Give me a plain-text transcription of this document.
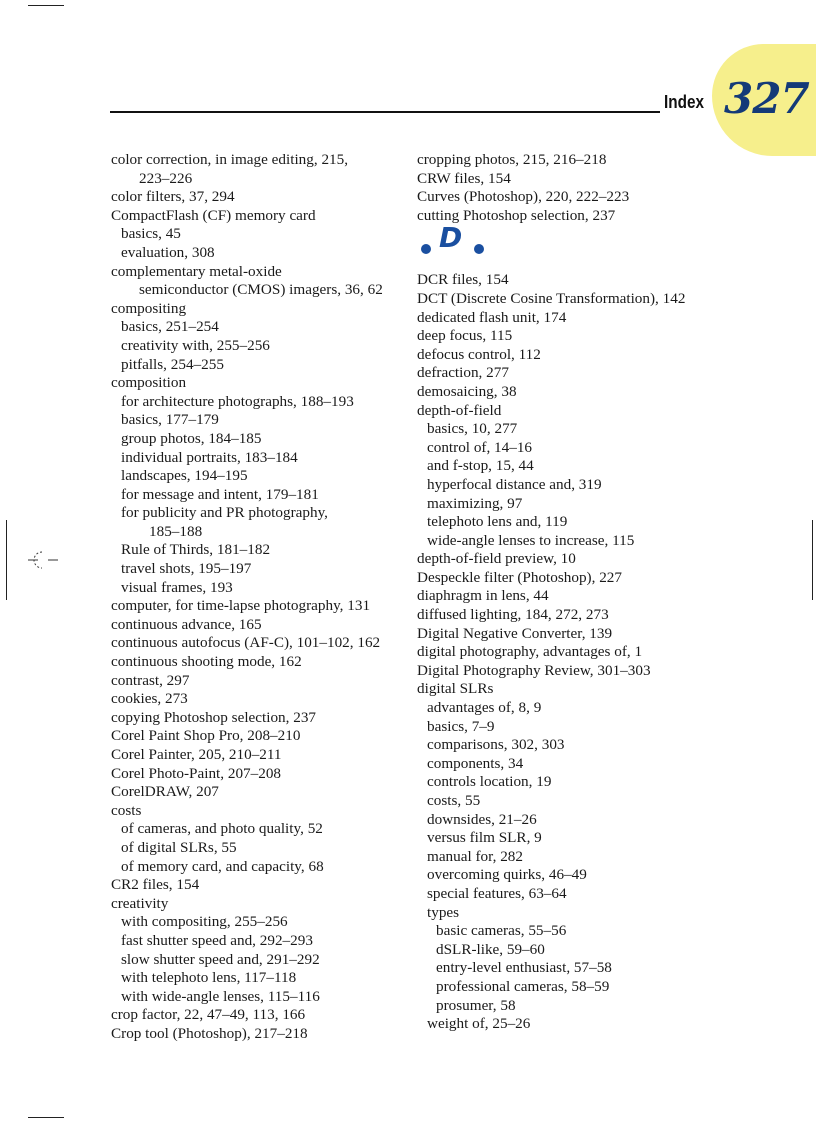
Index 327
color correction, in image editing, 215,
223–226
color filters, 37, 294
CompactFlash (CF) memory card
basics, 45
evaluation, 308
complementary metal-oxide
semiconductor (CMOS) imagers, 36, 62
compositing
basics, 251–254
creativity with, 255–256
pitfalls, 254–255
composition
for architecture photographs, 188–193
basics, 177–179
group photos, 184–185
individual portraits, 183–184
landscapes, 194–195
for message and intent, 179–181
for publicity and PR photography,
185–188
Rule of Thirds, 181–182
travel shots, 195–197
visual frames, 193
computer, for time-lapse photography, 131
continuous advance, 165
continuous autofocus (AF-C), 101–102, 162
continuous shooting mode, 162
contrast, 297
cookies, 273
copying Photoshop selection, 237
Corel Paint Shop Pro, 208–210
Corel Painter, 205, 210–211
Corel Photo-Paint, 207–208
CorelDRAW, 207
costs
of cameras, and photo quality, 52
of digital SLRs, 55
of memory card, and capacity, 68
CR2 files, 154
creativity
with compositing, 255–256
fast shutter speed and, 292–293
slow shutter speed and, 291–292
with telephoto lens, 117–118
with wide-angle lenses, 115–116
crop factor, 22, 47–49, 113, 166
Crop tool (Photoshop), 217–218
cropping photos, 215, 216–218
CRW files, 154
Curves (Photoshop), 220, 222–223
cutting Photoshop selection, 237
D
DCR files, 154
DCT (Discrete Cosine Transformation), 142
dedicated flash unit, 174
deep focus, 115
defocus control, 112
defraction, 277
demosaicing, 38
depth-of-field
basics, 10, 277
control of, 14–16
and f-stop, 15, 44
hyperfocal distance and, 319
maximizing, 97
telephoto lens and, 119
wide-angle lenses to increase, 115
depth-of-field preview, 10
Despeckle filter (Photoshop), 227
diaphragm in lens, 44
diffused lighting, 184, 272, 273
Digital Negative Converter, 139
digital photography, advantages of, 1
Digital Photography Review, 301–303
digital SLRs
advantages of, 8, 9
basics, 7–9
comparisons, 302, 303
components, 34
controls location, 19
costs, 55
downsides, 21–26
versus film SLR, 9
manual for, 282
overcoming quirks, 46–49
special features, 63–64
types
basic cameras, 55–56
dSLR-like, 59–60
entry-level enthusiast, 57–58
professional cameras, 58–59
prosumer, 58
weight of, 25–26
